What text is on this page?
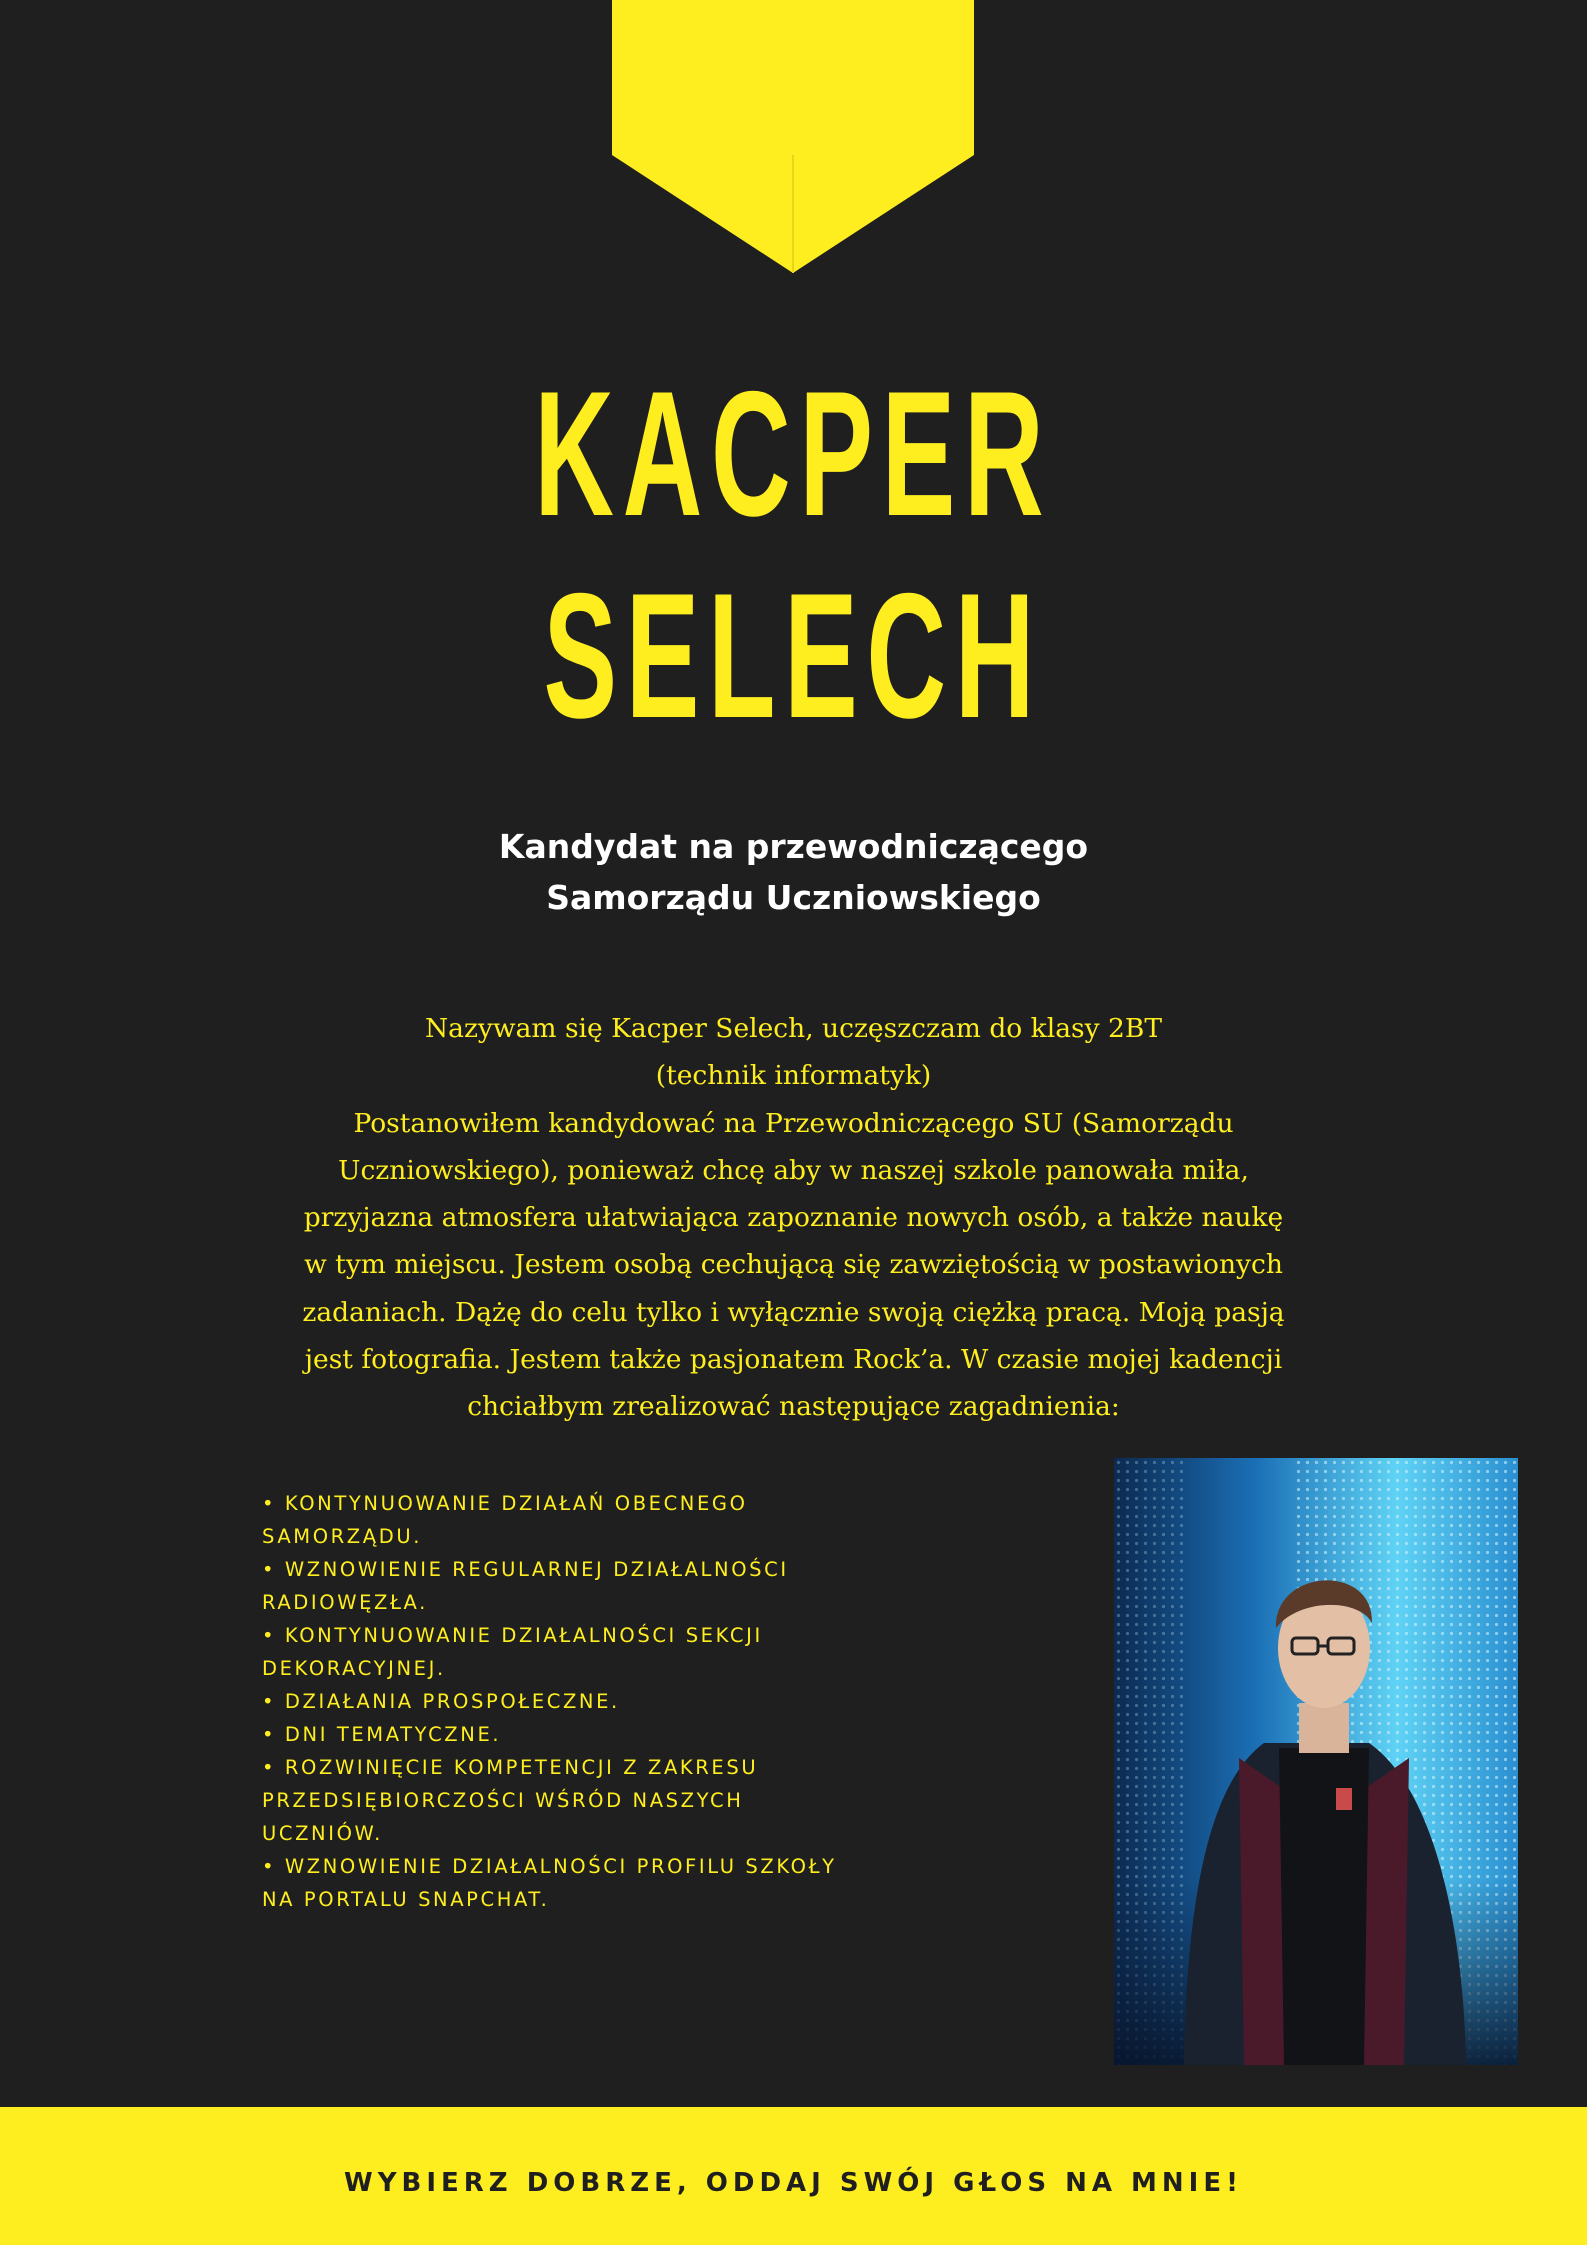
KACPER
SELECH
Kandydat na przewodniczącego
Samorządu Uczniowskiego
Nazywam się Kacper Selech, uczęszczam do klasy 2BT
(technik informatyk)
Postanowiłem kandydować na Przewodniczącego SU (Samorządu
Uczniowskiego), ponieważ chcę aby w naszej szkole panowała miła,
przyjazna atmosfera ułatwiająca zapoznanie nowych osób, a także naukę
w tym miejscu. Jestem osobą cechującą się zawziętością w postawionych
zadaniach. Dążę do celu tylko i wyłącznie swoją ciężką pracą. Moją pasją
jest fotografia. Jestem także pasjonatem Rock’a. W czasie mojej kadencji
chciałbym zrealizować następujące zagadnienia:
• KONTYNUOWANIE DZIAŁAŃ OBECNEGO
SAMORZĄDU.
• WZNOWIENIE REGULARNEJ DZIAŁALNOŚCI
RADIOWĘZŁA.
• KONTYNUOWANIE DZIAŁALNOŚCI SEKCJI
DEKORACYJNEJ.
• DZIAŁANIA PROSPOŁECZNE.
• DNI TEMATYCZNE.
• ROZWINIĘCIE KOMPETENCJI Z ZAKRESU
PRZEDSIĘBIORCZOŚCI WŚRÓD NASZYCH
UCZNIÓW.
• WZNOWIENIE DZIAŁALNOŚCI PROFILU SZKOŁY
NA PORTALU SNAPCHAT.
WYBIERZ DOBRZE, ODDAJ SWÓJ GŁOS NA MNIE!
